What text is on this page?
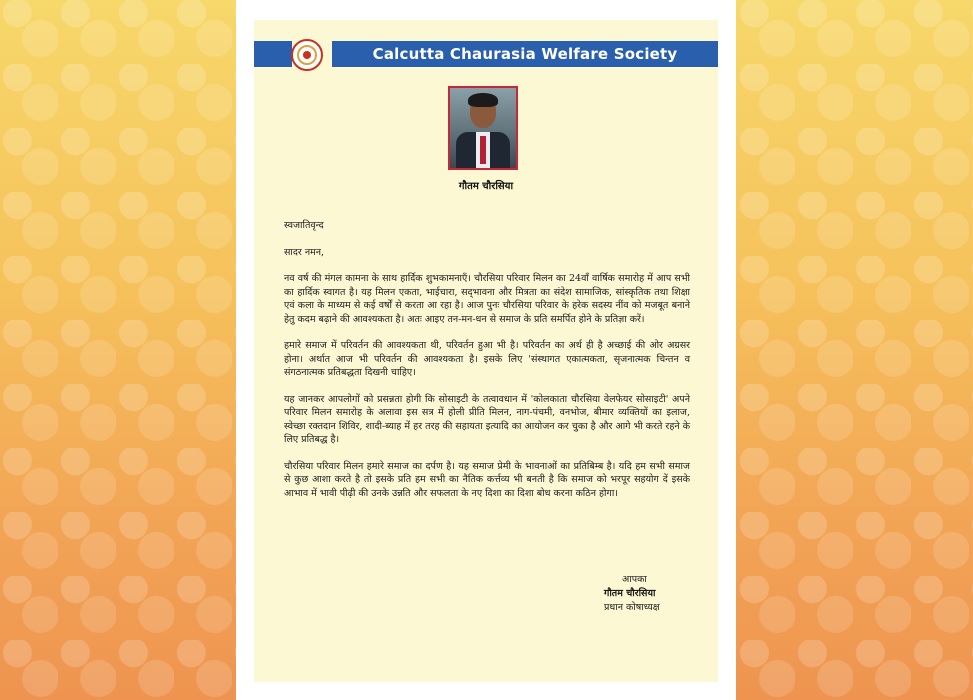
Calcutta Chaurasia Welfare Society
गौतम चौरसिया

स्वजातिवृन्द

सादर नमन,

नव वर्ष की मंगल कामना के साथ हार्दिक शुभकामनाएँ। चौरसिया परिवार मिलन का 24वाँ वार्षिक समारोह में आप सभी का हार्दिक स्वागत है। यह मिलन एकता, भाईचारा, सद्‌भावना और मित्रता का संदेश सामाजिक, सांस्कृतिक तथा शिक्षा एवं कला के माध्यम से कई वर्षों से करता आ रहा है। आज पुनः चौरसिया परिवार के हरेक सदस्य नींव को मजबूत बनाने हेतु कदम बढ़ाने की आवश्यकता है। अतः आइए तन-मन-धन से समाज के प्रति समर्पित होने के प्रतिज्ञा करें।

हमारे समाज में परिवर्तन की आवश्यकता थी, परिवर्तन हुआ भी है। परिवर्तन का अर्थ ही है अच्छाई की ओर अग्रसर होना। अर्थात आज भी परिवर्तन की आवश्यकता है। इसके लिए 'संस्थागत एकात्मकता, सृजनात्मक चिन्तन व संगठनात्मक प्रतिबद्धता दिखनी चाहिए।

यह जानकर आपलोगों को प्रसन्नता होगी कि सोसाइटी के तत्वावधान में 'कोलकाता चौरसिया वेलफेयर सोसाइटी' अपने परिवार मिलन समारोह के अलावा इस सत्र में होली प्रीति मिलन, नाग-पंचमी, वनभोज, बीमार व्यक्तियों का इलाज, स्वेच्छा रक्तदान शिविर, शादी-ब्याह में हर तरह की सहायता इत्यादि का आयोजन कर चुका है और आगे भी करते रहने के लिए प्रतिबद्ध है।

चौरसिया परिवार मिलन हमारे समाज का दर्पण है। यह समाज प्रेमी के भावनाओं का प्रतिबिम्ब है। यदि हम सभी समाज से कुछ आशा करते है तो इसके प्रति हम सभी का नैतिक कर्त्तव्य भी बनती है कि समाज को भरपूर सहयोग दें इसके आभाव में भावी पीढ़ी की उनके उन्नति और सफलता के नए दिशा का दिशा बोध करना कठिन होगा।

आपका
गौतम चौरसिया
प्रधान कोषाध्यक्ष
